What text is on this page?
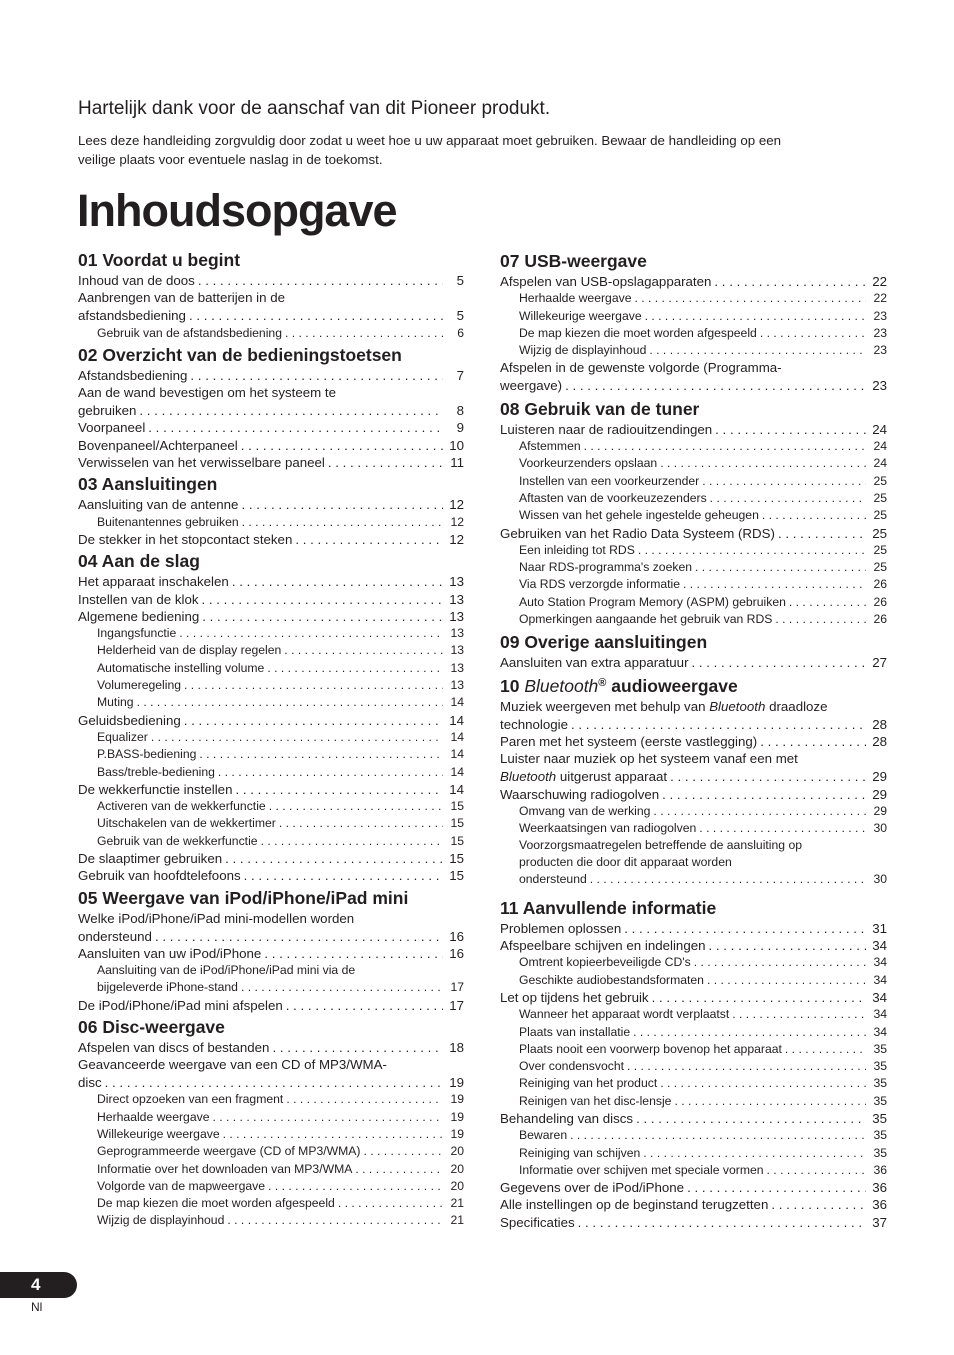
Hartelijk dank voor de aanschaf van dit Pioneer produkt.
Lees deze handleiding zorgvuldig door zodat u weet hoe u uw apparaat moet gebruiken. Bewaar de handleiding op een
veilige plaats voor eventuele naslag in de toekomst.
Inhoudsopgave
01 Voordat u begint
Inhoud van de doos . . .	5
Aanbrengen van de batterijen in de
afstandsbediening . . .	5
Gebruik van de afstandsbediening . . .	6
02 Overzicht van de bedieningstoetsen
Afstandsbediening . . .	7
Aan de wand bevestigen om het systeem te
gebruiken . . .	8
Voorpaneel . . .	9
Bovenpaneel/Achterpaneel . . .	10
Verwisselen van het verwisselbare paneel . . .	11
03 Aansluitingen
Aansluiting van de antenne . . .	12
Buitenantennes gebruiken . . .	12
De stekker in het stopcontact steken . . .	12
04 Aan de slag
Het apparaat inschakelen . . .	13
Instellen van de klok . . .	13
Algemene bediening . . .	13
Ingangsfunctie . . .	13
Helderheid van de display regelen . . .	13
Automatische instelling volume . . .	13
Volumeregeling . . .	13
Muting . . .	14
Geluidsbediening . . .	14
Equalizer . . .	14
P.BASS-bediening . . .	14
Bass/treble-bediening . . .	14
De wekkerfunctie instellen . . .	14
Activeren van de wekkerfunctie . . .	15
Uitschakelen van de wekkertimer . . .	15
Gebruik van de wekkerfunctie . . .	15
De slaaptimer gebruiken . . .	15
Gebruik van hoofdtelefoons . . .	15
05 Weergave van iPod/iPhone/iPad mini
Welke iPod/iPhone/iPad mini-modellen worden
ondersteund . . .	16
Aansluiten van uw iPod/iPhone . . .	16
Aansluiting van de iPod/iPhone/iPad mini via de
bijgeleverde iPhone-stand . . .	17
De iPod/iPhone/iPad mini afspelen . . .	17
06 Disc-weergave
Afspelen van discs of bestanden . . .	18
Geavanceerde weergave van een CD of MP3/WMA-
disc . . .	19
Direct opzoeken van een fragment . . .	19
Herhaalde weergave . . .	19
Willekeurige weergave . . .	19
Geprogrammeerde weergave (CD of MP3/WMA) . . .	20
Informatie over het downloaden van MP3/WMA . . .	20
Volgorde van de mapweergave . . .	20
De map kiezen die moet worden afgespeeld . . .	21
Wijzig de displayinhoud . . .	21
07 USB-weergave
Afspelen van USB-opslagapparaten . . .	22
Herhaalde weergave . . .	22
Willekeurige weergave . . .	23
De map kiezen die moet worden afgespeeld . . .	23
Wijzig de displayinhoud . . .	23
Afspelen in de gewenste volgorde (Programma-
weergave) . . .	23
08 Gebruik van de tuner
Luisteren naar de radiouitzendingen . . .	24
Afstemmen . . .	24
Voorkeurzenders opslaan . . .	24
Instellen van een voorkeurzender . . .	25
Aftasten van de voorkeuzezenders . . .	25
Wissen van het gehele ingestelde geheugen . . .	25
Gebruiken van het Radio Data Systeem (RDS) . . .	25
Een inleiding tot RDS . . .	25
Naar RDS-programma's zoeken . . .	25
Via RDS verzorgde informatie . . .	26
Auto Station Program Memory (ASPM) gebruiken . . .	26
Opmerkingen aangaande het gebruik van RDS . . .	26
09 Overige aansluitingen
Aansluiten van extra apparatuur . . .	27
10 Bluetooth® audioweergave
Muziek weergeven met behulp van Bluetooth draadloze
technologie . . .	28
Paren met het systeem (eerste vastlegging) . . .	28
Luister naar muziek op het systeem vanaf een met
Bluetooth uitgerust apparaat . . .	29
Waarschuwing radiogolven . . .	29
Omvang van de werking . . .	29
Weerkaatsingen van radiogolven . . .	30
Voorzorgsmaatregelen betreffende de aansluiting op
producten die door dit apparaat worden
ondersteund . . .	30
11 Aanvullende informatie
Problemen oplossen . . .	31
Afspeelbare schijven en indelingen . . .	34
Omtrent kopieerbeveiligde CD's . . .	34
Geschikte audiobestandsformaten . . .	34
Let op tijdens het gebruik . . .	34
Wanneer het apparaat wordt verplaatst . . .	34
Plaats van installatie . . .	34
Plaats nooit een voorwerp bovenop het apparaat . . .	35
Over condensvocht . . .	35
Reiniging van het product . . .	35
Reinigen van het disc-lensje . . .	35
Behandeling van discs . . .	35
Bewaren . . .	35
Reiniging van schijven . . .	35
Informatie over schijven met speciale vormen . . .	36
Gegevens over de iPod/iPhone . . .	36
Alle instellingen op de beginstand terugzetten . . .	36
Specificaties . . .	37
4
Nl
